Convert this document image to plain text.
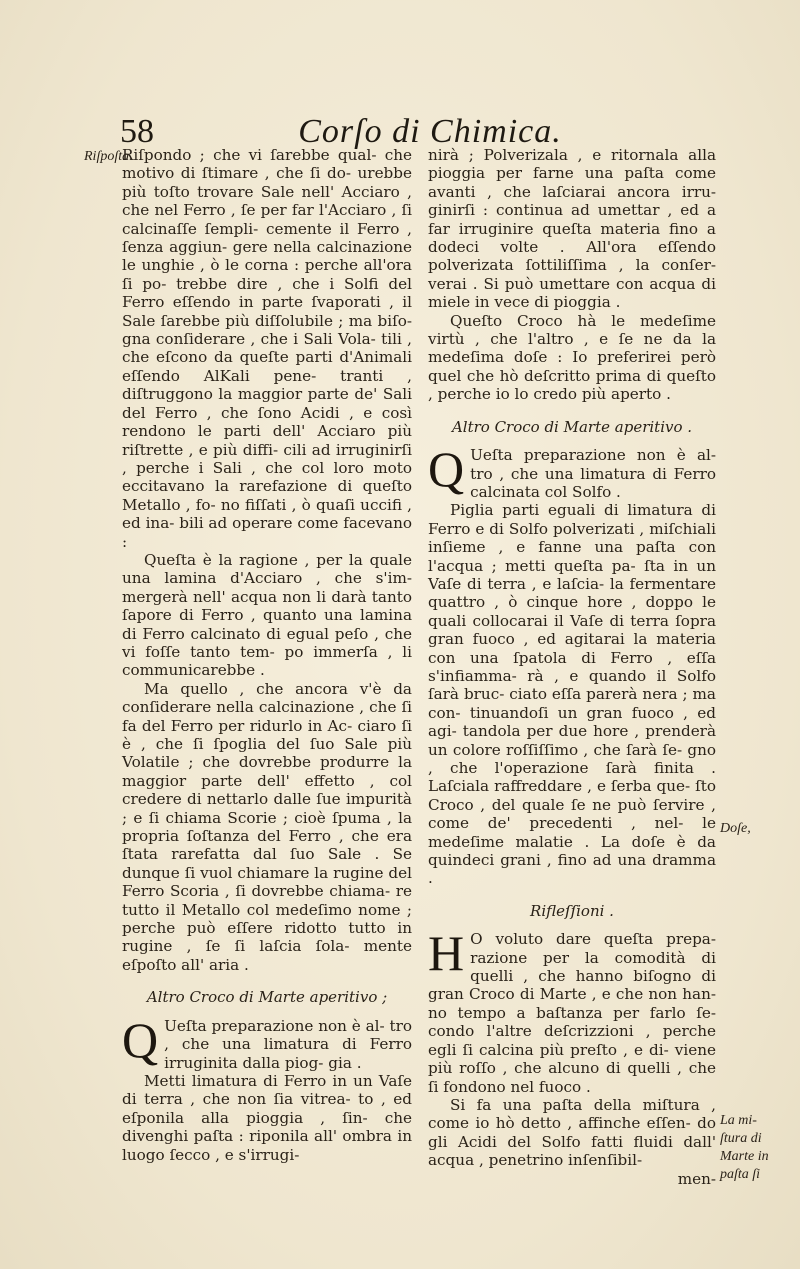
58	Corſo di Chimica.
Riſpoſta.
Doſe,
La mi-
ſtura di
Marte in
paſta ſi

Riſpondo ; che vi ſarebbe qual- che motivo di ſtimare , che ſi do- urebbe più toſto trovare Sale nell' Acciaro , che nel Ferro , ſe per far l'Acciaro , ſi calcinaſſe ſempli- cemente il Ferro , ſenza aggiun- gere nella calcinazione le unghie , ò le corna : perche all'ora ſi po- trebbe dire , che i Solfi del Ferro eſſendo in parte ſvaporati , il Sale ſarebbe più diſſolubile ; ma biſo- gna conſiderare , che i Sali Vola- tili , che eſcono da queſte parti d'Animali eſſendo AlKali pene- tranti , diſtruggono la maggior parte de' Sali del Ferro , che ſono Acidi , e così rendono le parti dell' Acciaro più riſtrette , e più diffi- cili ad irruginirſi , perche i Sali , che col loro moto eccitavano la rarefazione di queſto Metallo , fo- no fiſſati , ò quaſi uccifi , ed ina- bili ad operare come facevano :

Queſta è la ragione , per la quale una lamina d'Acciaro , che s'im- mergerà nell' acqua non li darà tanto ſapore di Ferro , quanto una lamina di Ferro calcinato di egual peſo , che vi foſſe tanto tem- po immerſa , li communicarebbe .

Ma quello , che ancora v'è da conſiderare nella calcinazione , che ſi fa del Ferro per ridurlo in Ac- ciaro ſi è , che ſi ſpoglia del ſuo Sale più Volatile ; che dovrebbe produrre la maggior parte dell' effetto , col credere di nettarlo dalle ſue impurità ; e ſi chiama Scorie ; cioè ſpuma , la propria ſoſtanza del Ferro , che era ſtata rarefatta dal ſuo Sale . Se dunque ſi vuol chiamare la rugine del Ferro Scoria , ſi dovrebbe chiama- re tutto il Metallo col medeſimo nome ; perche può eſſere ridotto tutto in rugine , ſe ſi laſcia ſola- mente eſpoſto all' aria .

Altro Croco di Marte aperitivo ;

Q Ueſta preparazione non è al- tro , che una limatura di Ferro irruginita dalla piog- gia .

Metti limatura di Ferro in un Vaſe di terra , che non ſia vitrea- to , ed eſponila alla pioggia , ſin- che divenghi paſta : riponila all' ombra in luogo ſecco , e s'irrugi-

nirà ; Polverizala , e ritornala alla pioggia per farne una paſta come avanti , che laſciarai ancora irru- ginirſi : continua ad umettar , ed a far irruginire queſta materia fino a dodeci volte . All'ora eſſendo polverizata ſottiliſſima , la conſer- verai . Si può umettare con acqua di miele in vece di pioggia .

Queſto Croco hà le medeſime virtù , che l'altro , e ſe ne da la medeſima doſe : Io preferirei però quel che hò deſcritto prima di queſto , perche io lo credo più aperto .

Altro Croco di Marte aperitivo .

Q Ueſta preparazione non è al- tro , che una limatura di Ferro calcinata col Solfo .

Piglia parti eguali di limatura di Ferro e di Solfo polverizati , miſchiali inſieme , e fanne una paſta con l'acqua ; metti queſta pa- ſta in un Vaſe di terra , e laſcia- la fermentare quattro , ò cinque hore , doppo le quali collocarai il Vaſe di terra ſopra gran fuoco , ed agitarai la materia con una ſpatola di Ferro , eſſa s'infiamma- rà , e quando il Solfo ſarà bruc- ciato eſſa parerà nera ; ma con- tinuandoſi un gran fuoco , ed agi- tandola per due hore , prenderà un colore roſſiſſimo , che ſarà ſe- gno , che l'operazione ſarà finita . Laſciala raffreddare , e ſerba que- ſto Croco , del quale ſe ne può ſervire , come de' precedenti , nel- le medeſime malatie . La doſe è da quindeci grani , fino ad una dramma .

Rifleſſioni .

H O voluto dare queſta prepa- razione per la comodità di quelli , che hanno biſogno di gran Croco di Marte , e che non han- no tempo a baſtanza per farlo ſe- condo l'altre deſcrizzioni , perche egli ſi calcina più preſto , e di- viene più roſſo , che alcuno di quelli , che ſi fondono nel fuoco .

Si fa una paſta della miſtura , come io hò detto , affinche eſſen- do gli Acidi del Solfo fatti fluidi dall' acqua , penetrino inſenſibil-

men-
